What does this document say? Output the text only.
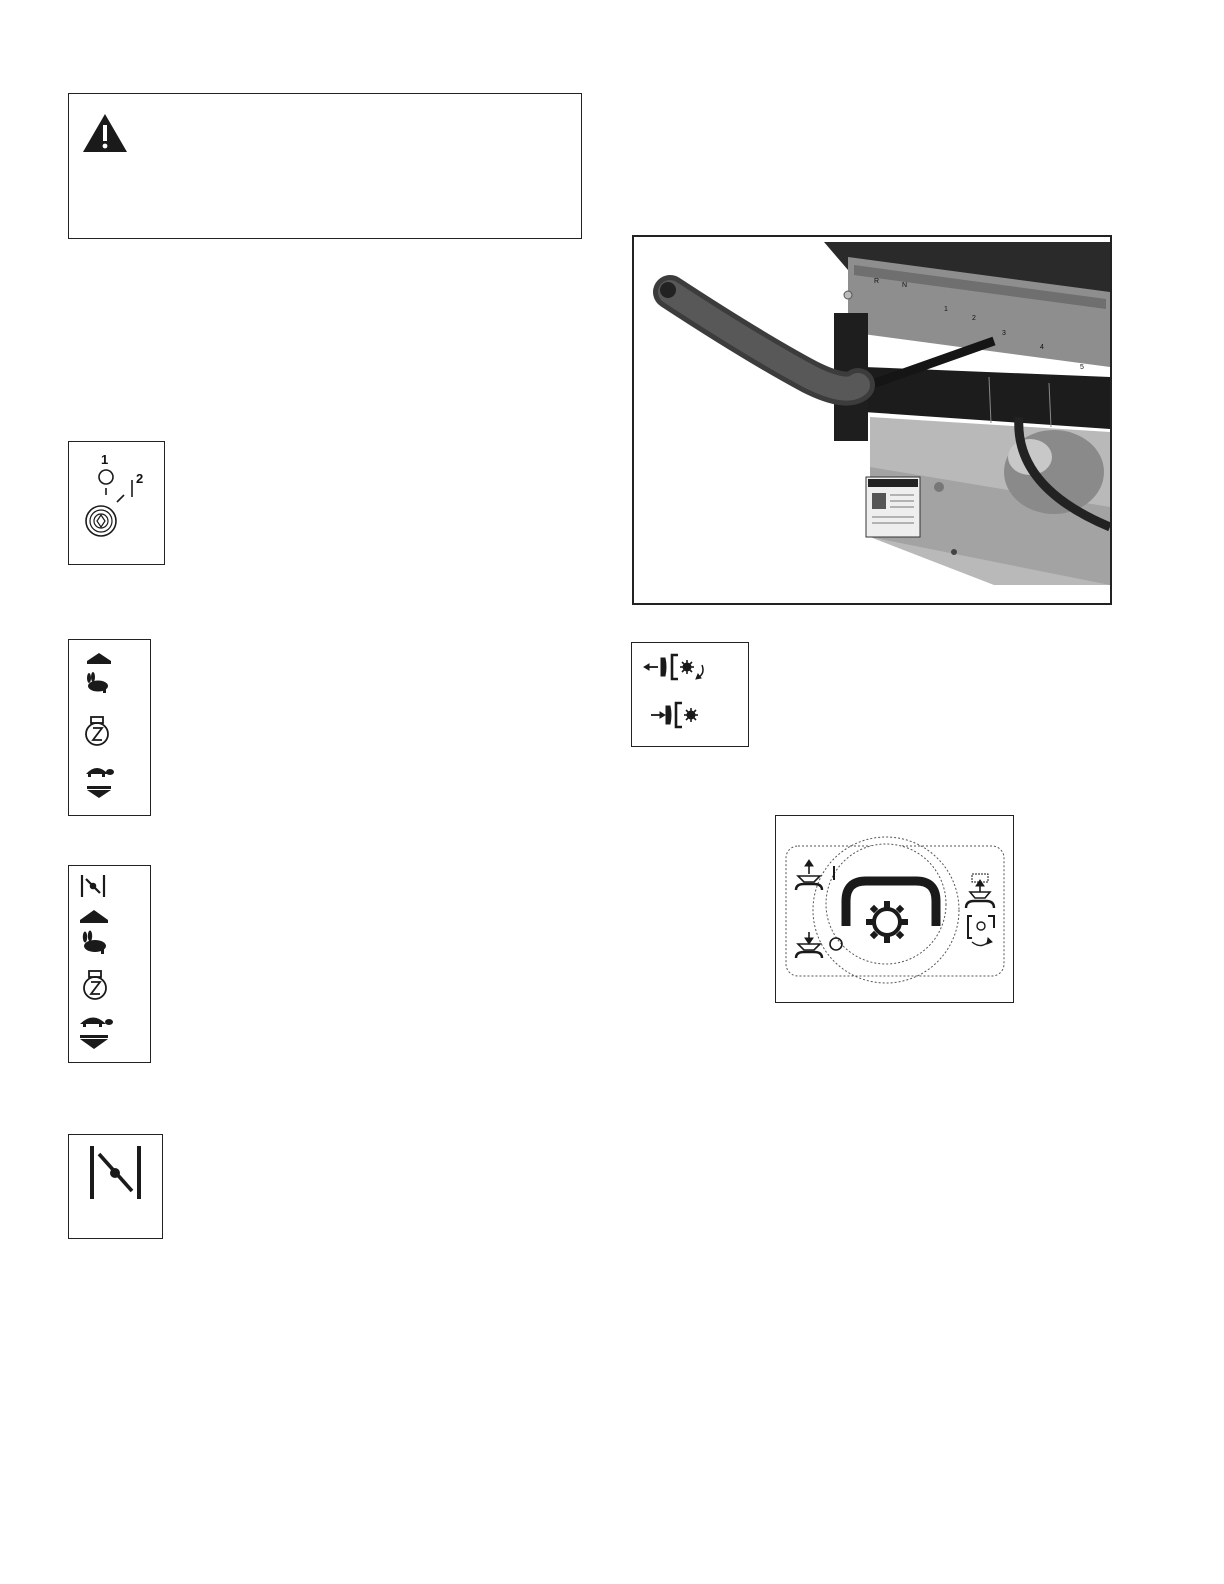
1
2
R
N
1
2
3
4
5
